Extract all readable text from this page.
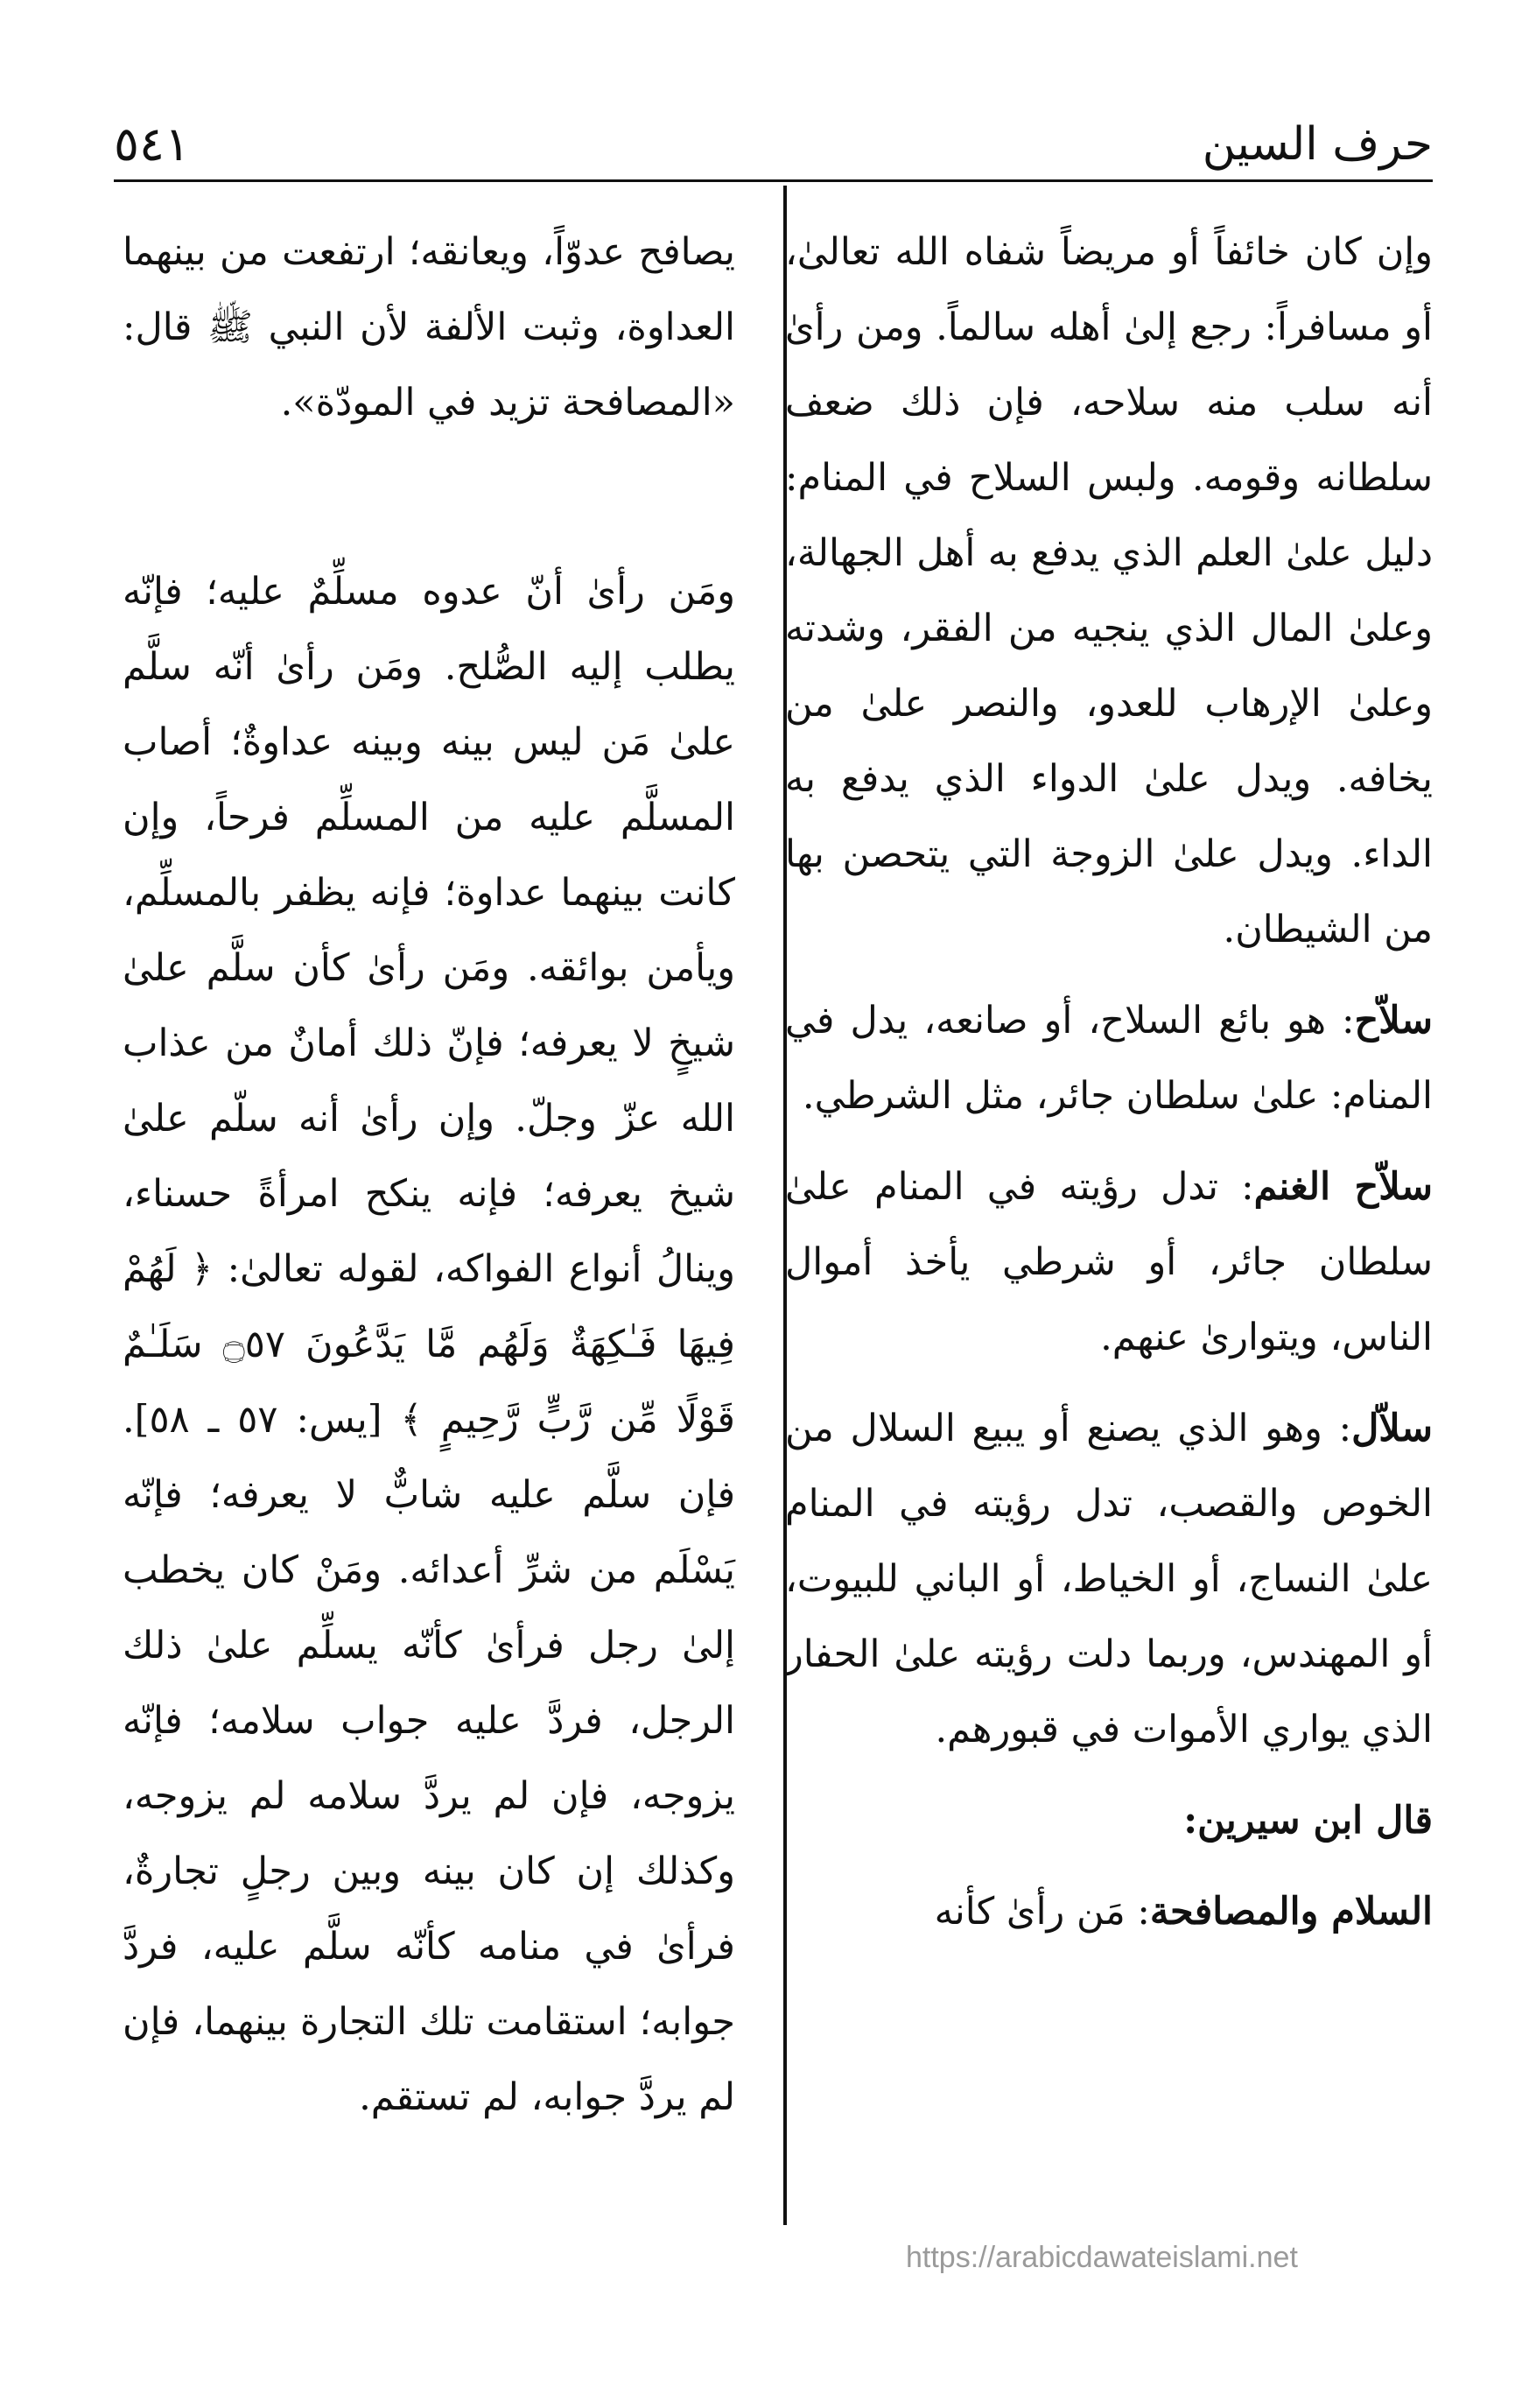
حرف السين
٥٤١

وإن كان خائفاً أو مريضاً شفاه الله تعالىٰ، أو مسافراً: رجع إلىٰ أهله سالماً. ومن رأىٰ أنه سلب منه سلاحه، فإن ذلك ضعف سلطانه وقومه. ولبس السلاح في المنام: دليل علىٰ العلم الذي يدفع به أهل الجهالة، وعلىٰ المال الذي ينجيه من الفقر، وشدته وعلىٰ الإرهاب للعدو، والنصر علىٰ من يخافه. ويدل علىٰ الدواء الذي يدفع به الداء. ويدل علىٰ الزوجة التي يتحصن بها من الشيطان.

سلاّح: هو بائع السلاح، أو صانعه، يدل في المنام: علىٰ سلطان جائر، مثل الشرطي.

سلاّح الغنم: تدل رؤيته في المنام علىٰ سلطان جائر، أو شرطي يأخذ أموال الناس، ويتوارىٰ عنهم.

سلاّل: وهو الذي يصنع أو يبيع السلال من الخوص والقصب، تدل رؤيته في المنام علىٰ النساج، أو الخياط، أو الباني للبيوت، أو المهندس، وربما دلت رؤيته علىٰ الحفار الذي يواري الأموات في قبورهم.

قال ابن سيرين:

السلام والمصافحة: مَن رأىٰ كأنه

يصافح عدوّاً، ويعانقه؛ ارتفعت من بينهما العداوة، وثبت الألفة لأن النبي ﷺ قال: «المصافحة تزيد في المودّة».

ومَن رأىٰ أنّ عدوه مسلِّمٌ عليه؛ فإنّه يطلب إليه الصُّلح. ومَن رأىٰ أنّه سلَّم علىٰ مَن ليس بينه وبينه عداوةٌ؛ أصاب المسلَّم عليه من المسلِّم فرحاً، وإن كانت بينهما عداوة؛ فإنه يظفر بالمسلِّم، ويأمن بوائقه. ومَن رأىٰ كأن سلَّم علىٰ شيخٍ لا يعرفه؛ فإنّ ذلك أمانٌ من عذاب الله عزّ وجلّ. وإن رأىٰ أنه سلّم علىٰ شيخ يعرفه؛ فإنه ينكح امرأةً حسناء، وينالُ أنواع الفواكه، لقوله تعالىٰ: ﴿ لَهُمْ فِيهَا فَـٰكِهَةٌ وَلَهُم مَّا يَدَّعُونَ ۝٥٧ سَلَـٰمٌ قَوْلًا مِّن رَّبٍّ رَّحِيمٍ ﴾ [يس: ٥٧ ـ ٥٨]. فإن سلَّم عليه شابٌّ لا يعرفه؛ فإنّه يَسْلَم من شرِّ أعدائه. ومَنْ كان يخطب إلىٰ رجل فرأىٰ كأنّه يسلِّم علىٰ ذلك الرجل، فردَّ عليه جواب سلامه؛ فإنّه يزوجه، فإن لم يردَّ سلامه لم يزوجه، وكذلك إن كان بينه وبين رجلٍ تجارةٌ، فرأىٰ في منامه كأنّه سلَّم عليه، فردَّ جوابه؛ استقامت تلك التجارة بينهما، فإن لم يردَّ جوابه، لم تستقم.

https://arabicdawateislami.net
